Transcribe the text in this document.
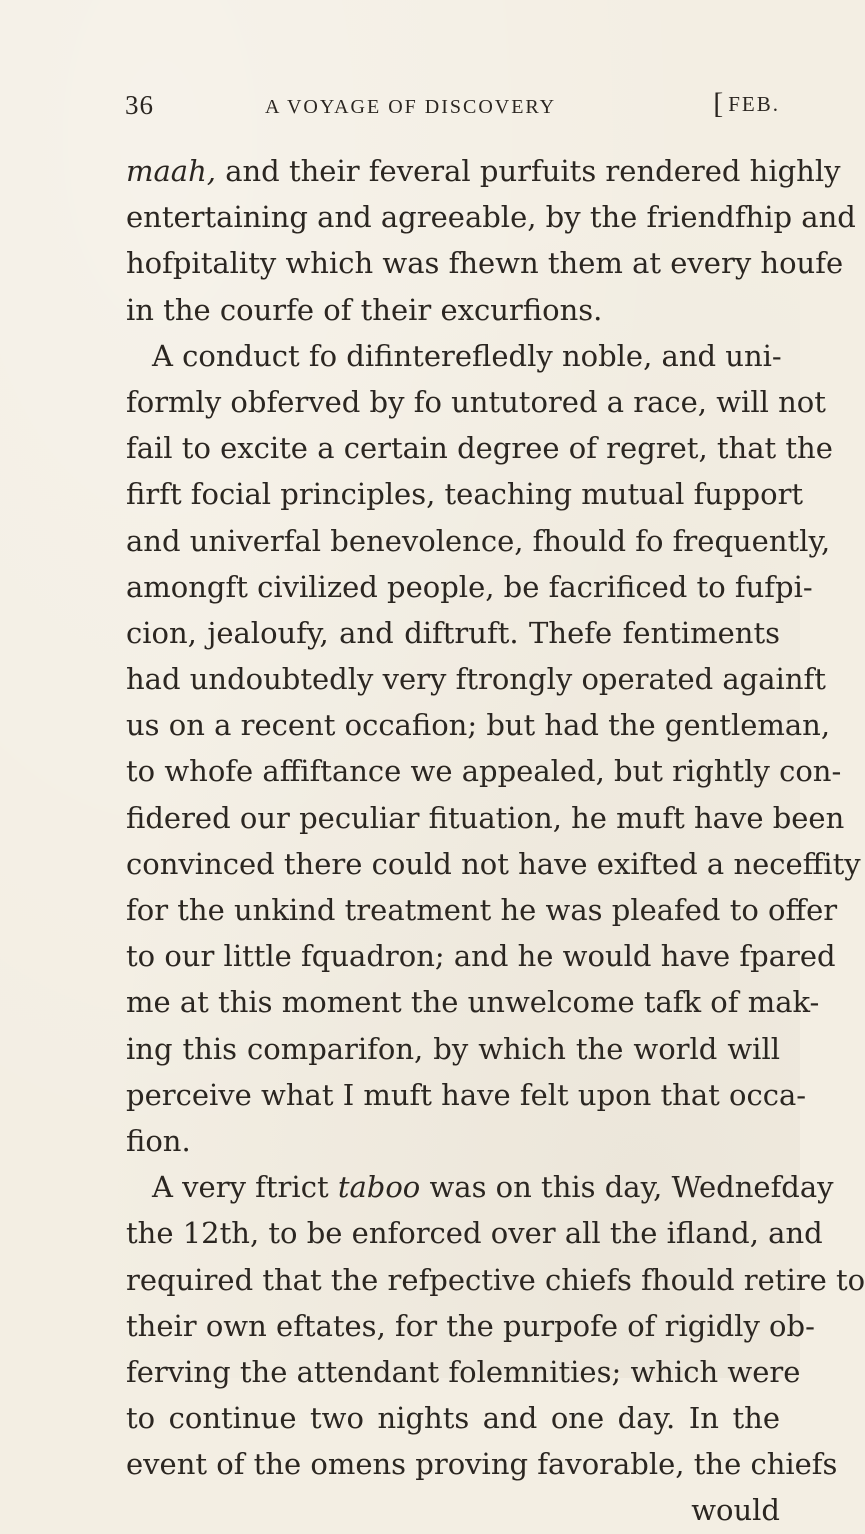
36	A VOYAGE OF DISCOVERY	[ FEB.
maah, and their feveral purfuits rendered highly
entertaining and agreeable, by the friendfhip and
hofpitality which was fhewn them at every houfe
in the courfe of their excurfions.
A conduct fo difinterefledly noble, and uni-
formly obferved by fo untutored a race, will not
fail to excite a certain degree of regret, that the
firft focial principles, teaching mutual fupport
and univerfal benevolence, fhould fo frequently,
amongft civilized people, be facrificed to fufpi-
cion, jealoufy, and diftruft. Thefe fentiments
had undoubtedly very ftrongly operated againft
us on a recent occafion; but had the gentleman,
to whofe affiftance we appealed, but rightly con-
fidered our peculiar fituation, he muft have been
convinced there could not have exifted a neceffity
for the unkind treatment he was pleafed to offer
to our little fquadron; and he would have fpared
me at this moment the unwelcome tafk of mak-
ing this comparifon, by which the world will
perceive what I muft have felt upon that occa-
fion.
A very ftrict taboo was on this day, Wednefday
the 12th, to be enforced over all the ifland, and
required that the refpective chiefs fhould retire to
their own eftates, for the purpofe of rigidly ob-
ferving the attendant folemnities; which were
to continue two nights and one day. In the
event of the omens proving favorable, the chiefs
would
